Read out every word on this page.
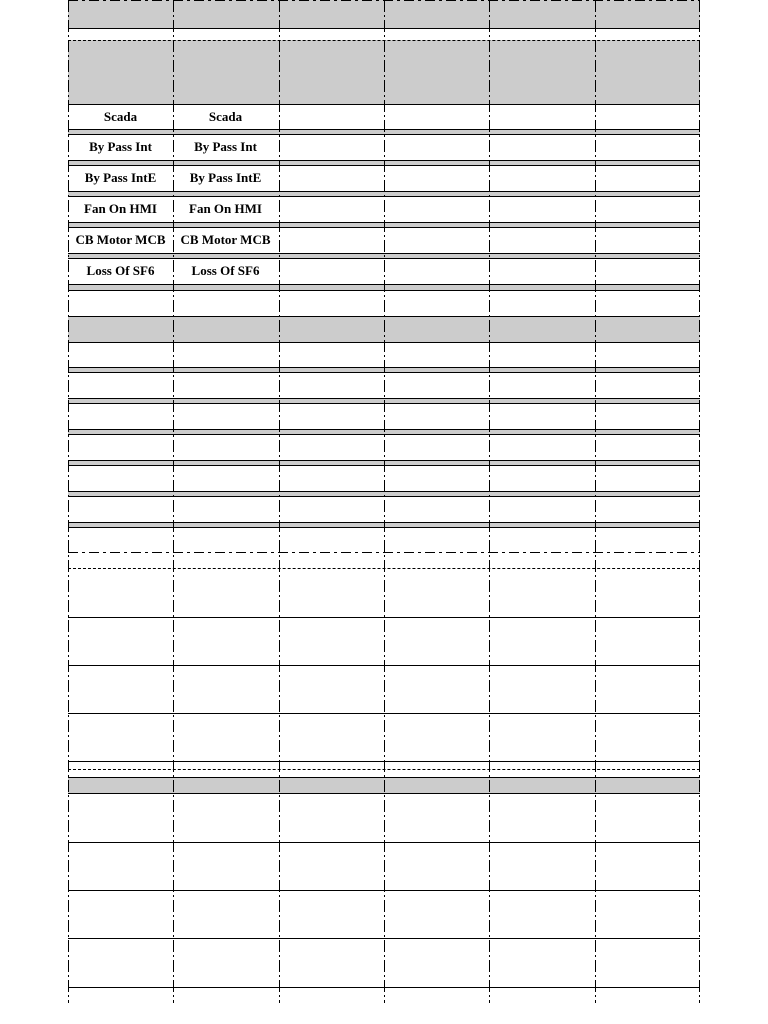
Scada	Scada
By Pass Int	By Pass Int
By Pass IntE	By Pass IntE
Fan On HMI	Fan On HMI
CB Motor MCB	CB Motor MCB
Loss Of SF6	Loss Of SF6
